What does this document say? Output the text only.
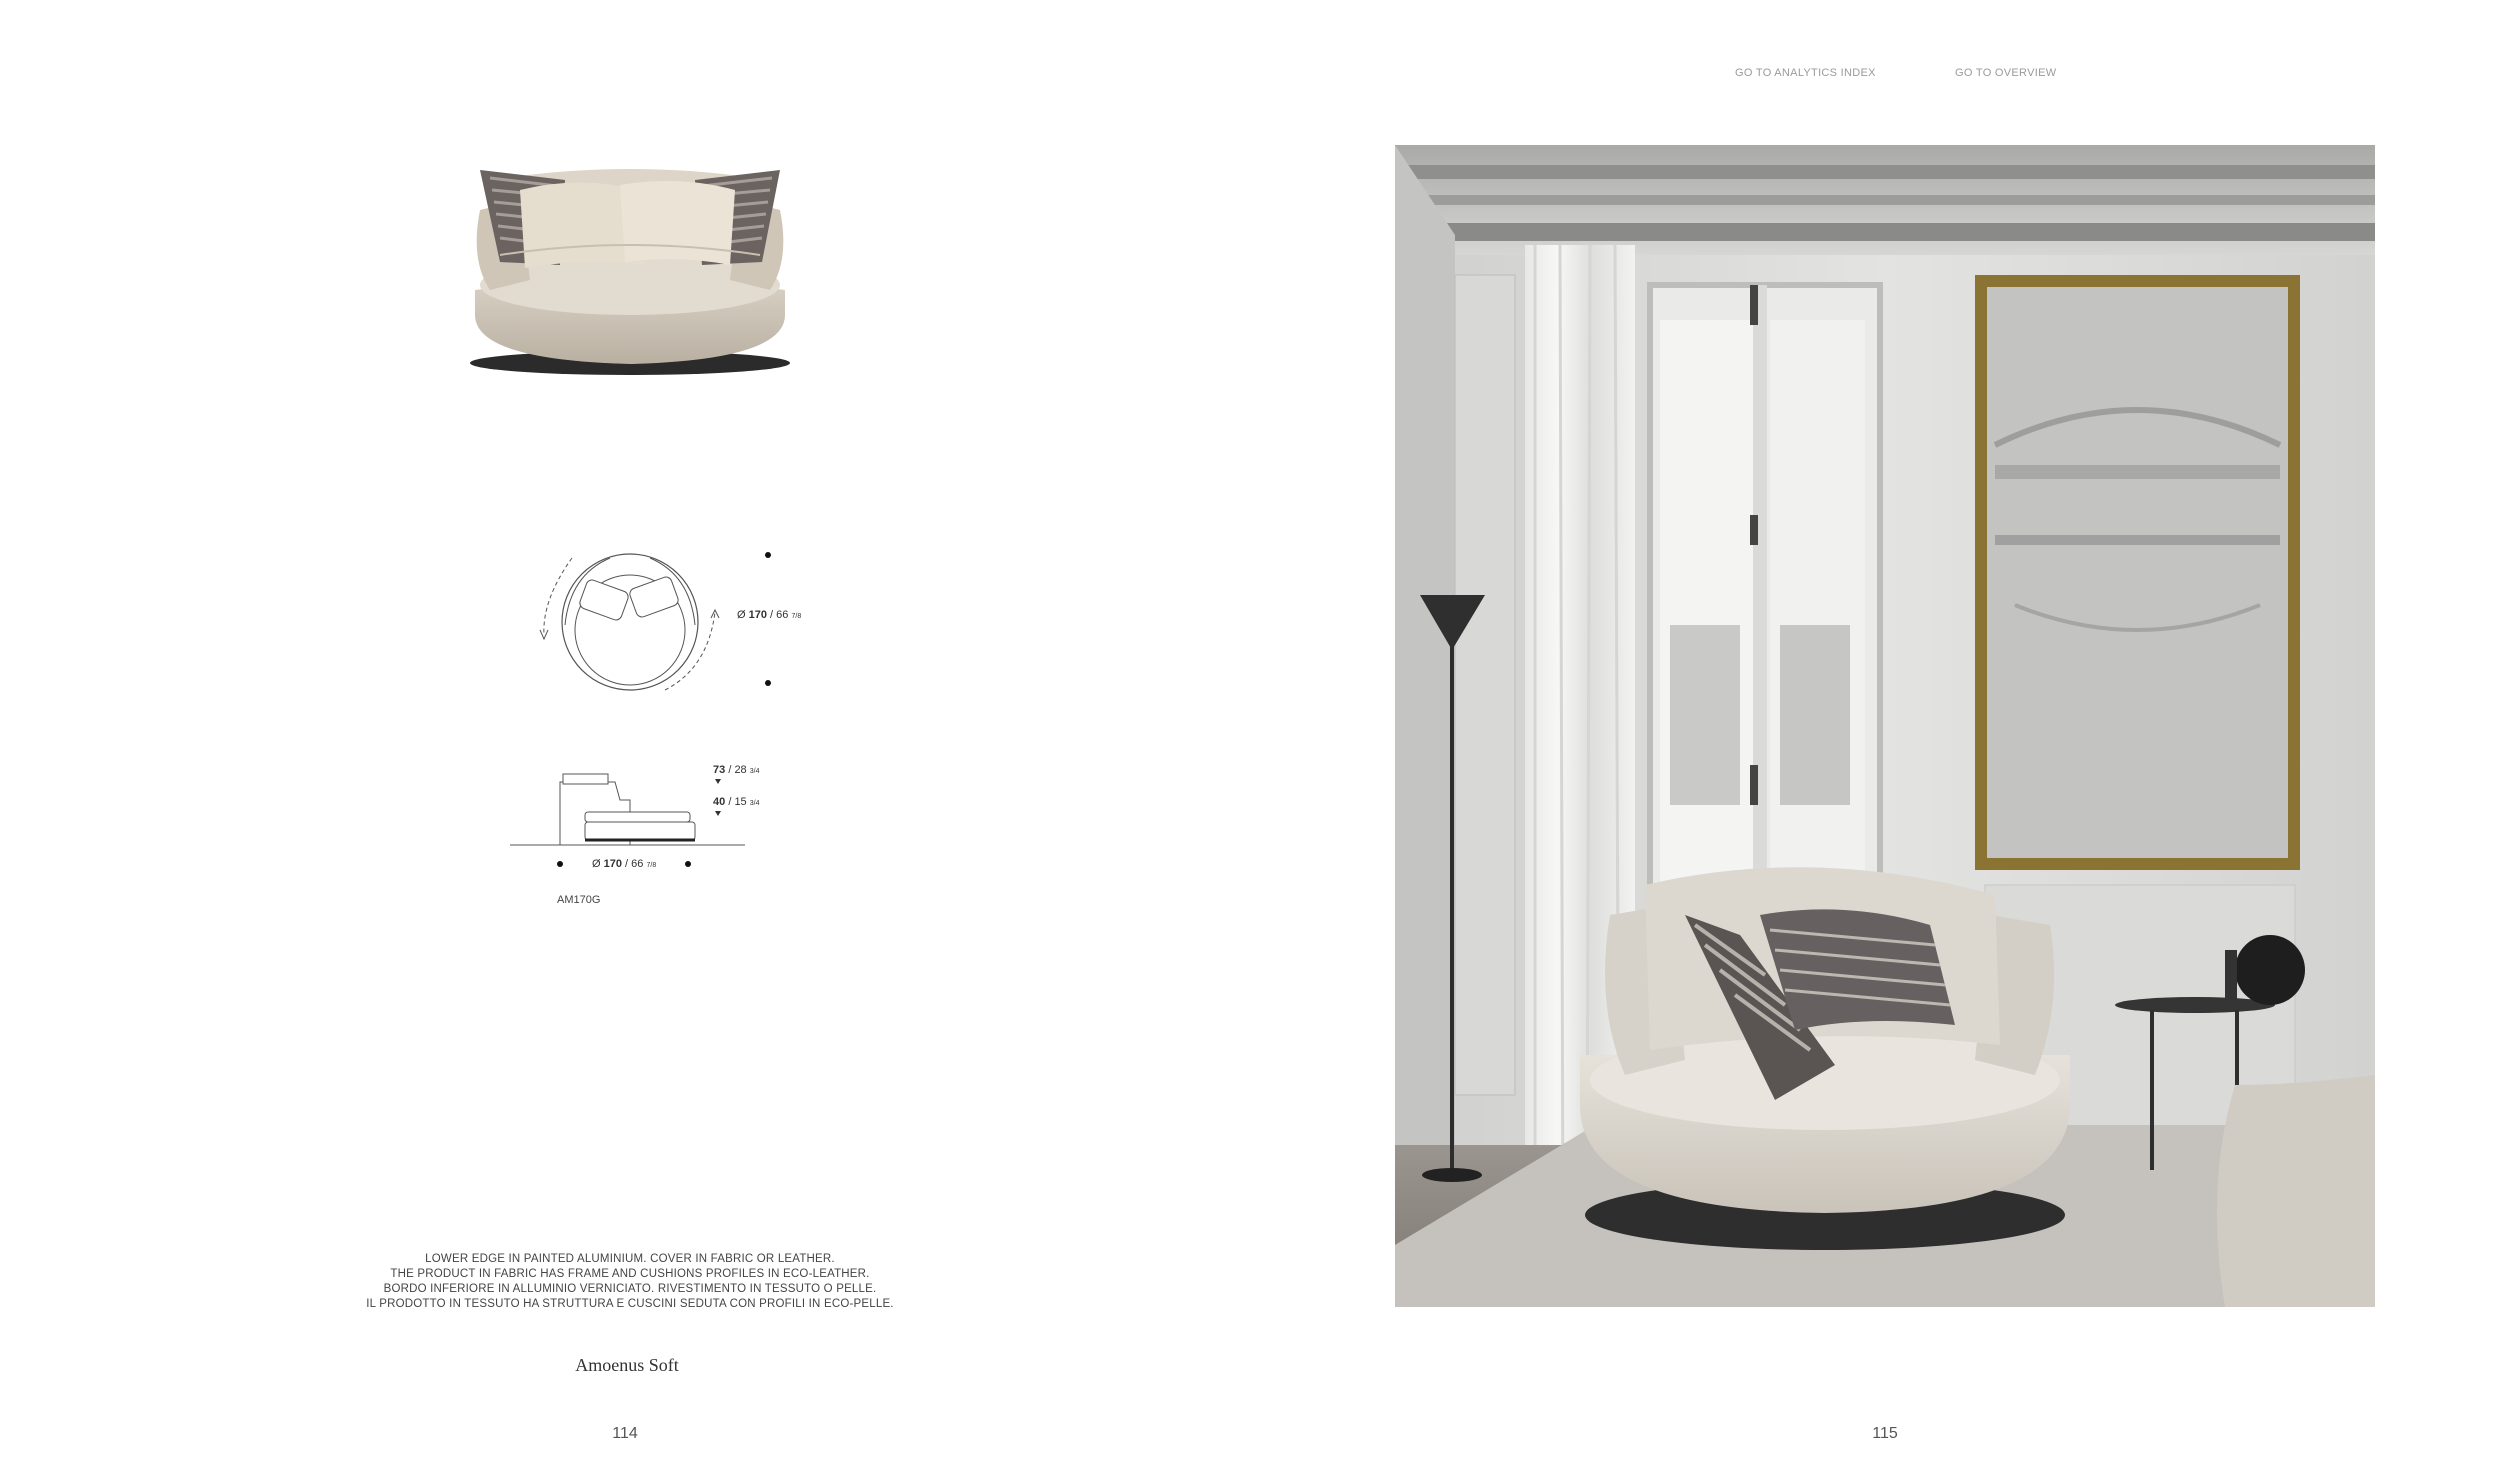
GO TO ANALYTICS INDEX	GO TO OVERVIEW
Ø 170 / 66 7/8
73 / 28 3/4
40 / 15 3/4
Ø 170 / 66 7/8
AM170G
LOWER EDGE IN PAINTED ALUMINIUM. COVER IN FABRIC OR LEATHER.
THE PRODUCT IN FABRIC HAS FRAME AND CUSHIONS PROFILES IN ECO-LEATHER.
BORDO INFERIORE IN ALLUMINIO VERNICIATO. RIVESTIMENTO IN TESSUTO O PELLE.
IL PRODOTTO IN TESSUTO HA STRUTTURA E CUSCINI SEDUTA CON PROFILI IN ECO-PELLE.
Amoenus Soft
114	115
